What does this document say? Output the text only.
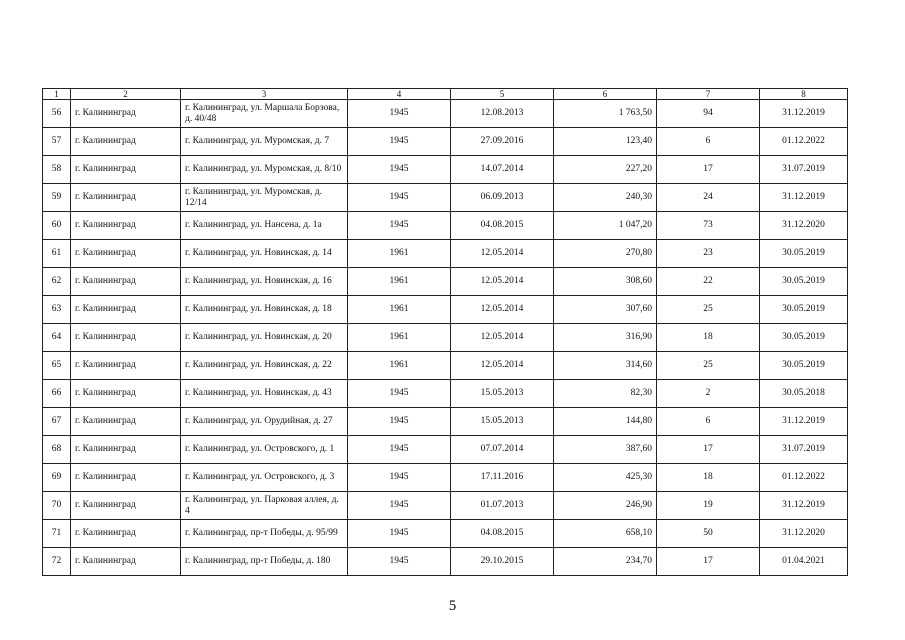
1	2	3	4	5	6	7	8
56	г. Калининград	г. Калининград, ул. Маршала Борзова, д. 40/48	1945	12.08.2013	1 763,50	94	31.12.2019
57	г. Калининград	г. Калининград, ул. Муромская, д. 7	1945	27.09.2016	123,40	6	01.12.2022
58	г. Калининград	г. Калининград, ул. Муромская, д. 8/10	1945	14.07.2014	227,20	17	31.07.2019
59	г. Калининград	г. Калининград, ул. Муромская, д. 12/14	1945	06.09.2013	240,30	24	31.12.2019
60	г. Калининград	г. Калининград, ул. Нансена, д. 1а	1945	04.08.2015	1 047,20	73	31.12.2020
61	г. Калининград	г. Калининград, ул. Новинская, д. 14	1961	12.05.2014	270,80	23	30.05.2019
62	г. Калининград	г. Калининград, ул. Новинская, д. 16	1961	12.05.2014	308,60	22	30.05.2019
63	г. Калининград	г. Калининград, ул. Новинская, д. 18	1961	12.05.2014	307,60	25	30.05.2019
64	г. Калининград	г. Калининград, ул. Новинская, д. 20	1961	12.05.2014	316,90	18	30.05.2019
65	г. Калининград	г. Калининград, ул. Новинская, д. 22	1961	12.05.2014	314,60	25	30.05.2019
66	г. Калининград	г. Калининград, ул. Новинская, д. 43	1945	15.05.2013	82,30	2	30.05.2018
67	г. Калининград	г. Калининград, ул. Орудийная, д. 27	1945	15.05.2013	144,80	6	31.12.2019
68	г. Калининград	г. Калининград, ул. Островского, д. 1	1945	07.07.2014	387,60	17	31.07.2019
69	г. Калининград	г. Калининград, ул. Островского, д. 3	1945	17.11.2016	425,30	18	01.12.2022
70	г. Калининград	г. Калининград, ул. Парковая аллея, д. 4	1945	01.07.2013	246,90	19	31.12.2019
71	г. Калининград	г. Калининград, пр-т Победы, д. 95/99	1945	04.08.2015	658,10	50	31.12.2020
72	г. Калининград	г. Калининград, пр-т Победы, д. 180	1945	29.10.2015	234,70	17	01.04.2021
5
